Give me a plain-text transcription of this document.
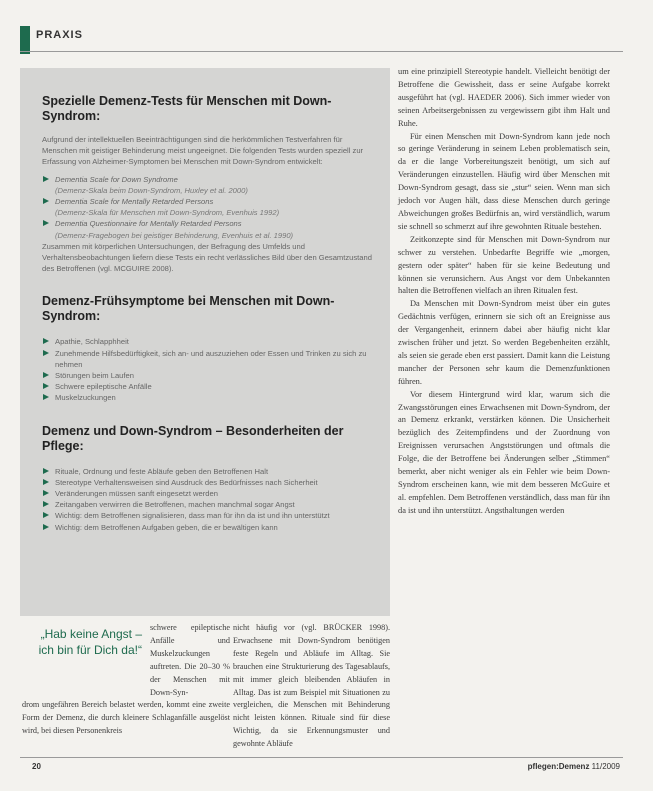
PRAXIS
Spezielle Demenz-Tests für Menschen mit Down-Syndrom:

Aufgrund der intellektuellen Beeinträchtigungen sind die herkömmlichen Testverfahren für Menschen mit geistiger Behinderung meist ungeeignet. Die folgenden Tests wurden speziell zur Erfassung von Alzheimer-Symptomen bei Menschen mit Down-Syndrom entwickelt:

Dementia Scale for Down Syndrome
(Demenz-Skala beim Down-Syndrom, Huxley et al. 2000)
Dementia Scale for Mentally Retarded Persons
(Demenz-Skala für Menschen mit Down-Syndrom, Evenhuis 1992)
Dementia Questionnaire for Mentally Retarded Persons
(Demenz-Fragebogen bei geistiger Behinderung, Evenhuis et al. 1990)

Zusammen mit körperlichen Untersuchungen, der Befragung des Umfelds und Verhaltensbeobachtungen liefern diese Tests ein recht verlässliches Bild über den Gesamtzustand des Betroffenen (vgl. MCGUIRE 2008).

Demenz-Frühsymptome bei Menschen mit Down-Syndrom:
Apathie, Schlapphheit
Zunehmende Hilfsbedürftigkeit, sich an- und auszuziehen oder Essen und Trinken zu sich zu nehmen
Störungen beim Laufen
Schwere epileptische Anfälle
Muskelzuckungen
Demenz und Down-Syndrom – Besonderheiten der Pflege:
Rituale, Ordnung und feste Abläufe geben den Betroffenen Halt
Stereotype Verhaltensweisen sind Ausdruck des Bedürfnisses nach Sicherheit
Veränderungen müssen sanft eingesetzt werden
Zeitangaben verwirren die Betroffenen, machen manchmal sogar Angst
Wichtig: dem Betroffenen signalisieren, dass man für ihn da ist und ihn unterstützt
Wichtig: dem Betroffenen Aufgaben geben, die er bewältigen kann

um eine prinzipiell Stereotypie handelt. Vielleicht benötigt der Betroffene die Gewissheit, dass er seine Aufgabe korrekt ausgeführt hat (vgl. HAEDER 2006). Sich immer wieder von seinen Arbeitsergebnissen zu vergewissern gibt ihm Halt und Ruhe.

Für einen Menschen mit Down-Syndrom kann jede noch so geringe Veränderung in seinem Leben problematisch sein, da er die lange Vorbereitungszeit benötigt, um sich auf Veränderungen einzustellen. Häufig wird über Menschen mit Down-Syndrom gesagt, dass sie „stur“ seien. Wenn man sich jedoch vor Augen hält, dass diese Menschen durch geringe Abweichungen großes Bedürfnis an, wird verständlich, warum sie schnell so schmerzt auf ihre gewohnten Rituale bestehen.

Zeitkonzepte sind für Menschen mit Down-Syndrom nur schwer zu verstehen. Unbedarfte Begriffe wie „morgen, gestern oder später“ haben für sie keine Bedeutung und können sie verunsichern. Aus Angst vor dem Unbekannten halten die Betroffenen vielfach an ihren Ritualen fest.

Da Menschen mit Down-Syndrom meist über ein gutes Gedächtnis verfügen, erinnern sie sich oft an Ereignisse aus der Vergangenheit, erinnern dabei aber häufig nicht klar zwischen früher und jetzt. So werden Begebenheiten erzählt, als seien sie gerade eben erst passiert. Damit kann die Leistung mancher der Personen sehr kaum die Demenzfunktionen führen.

Vor diesem Hintergrund wird klar, warum sich die Zwangsstörungen eines Erwachsenen mit Down-Syndrom, der an Demenz erkrankt, verstärken können. Die Unsicherheit bezüglich des Zeitempfindens und der Zuordnung von Ereignissen verursachen Angststörungen und oftmals die Folge, die der Betroffene bei Änderungen selber „Stimmen“ bemerkt, aber nicht weniger als ein Fehler wie beim Down-Syndrom erscheinen kann, wie mit dem besseren McGuire et al. empfehlen. Dem Betroffenen verständlich, dass man für ihn da ist und ihn unterstützt. Angsthaltungen werden

„Hab keine Angst – ich bin für Dich da!“
schwere epileptische Anfälle und Muskelzuckungen auftreten. Die 20–30 % der Menschen mit Down-Syn-
drom ungefähren Bereich belastet werden, kommt eine zweite Form der Demenz, die durch kleinere Schlaganfälle ausgelöst wird, bei diesen Personenkreis
nicht häufig vor (vgl. BRÜCKER 1998). Erwachsene mit Down-Syndrom benötigen feste Regeln und Abläufe im Alltag. Sie brauchen eine Strukturierung des Tagesablaufs, mit immer gleich bleibenden Abläufen in Alltag. Das ist zum Beispiel mit Situationen zu vergleichen, die Menschen mit Behinderung nicht leisten können. Rituale sind für diese Wichtig, da sie Erkennungsmuster und gewohnte Abläufe
20	pflegen:Demenz 11/2009
